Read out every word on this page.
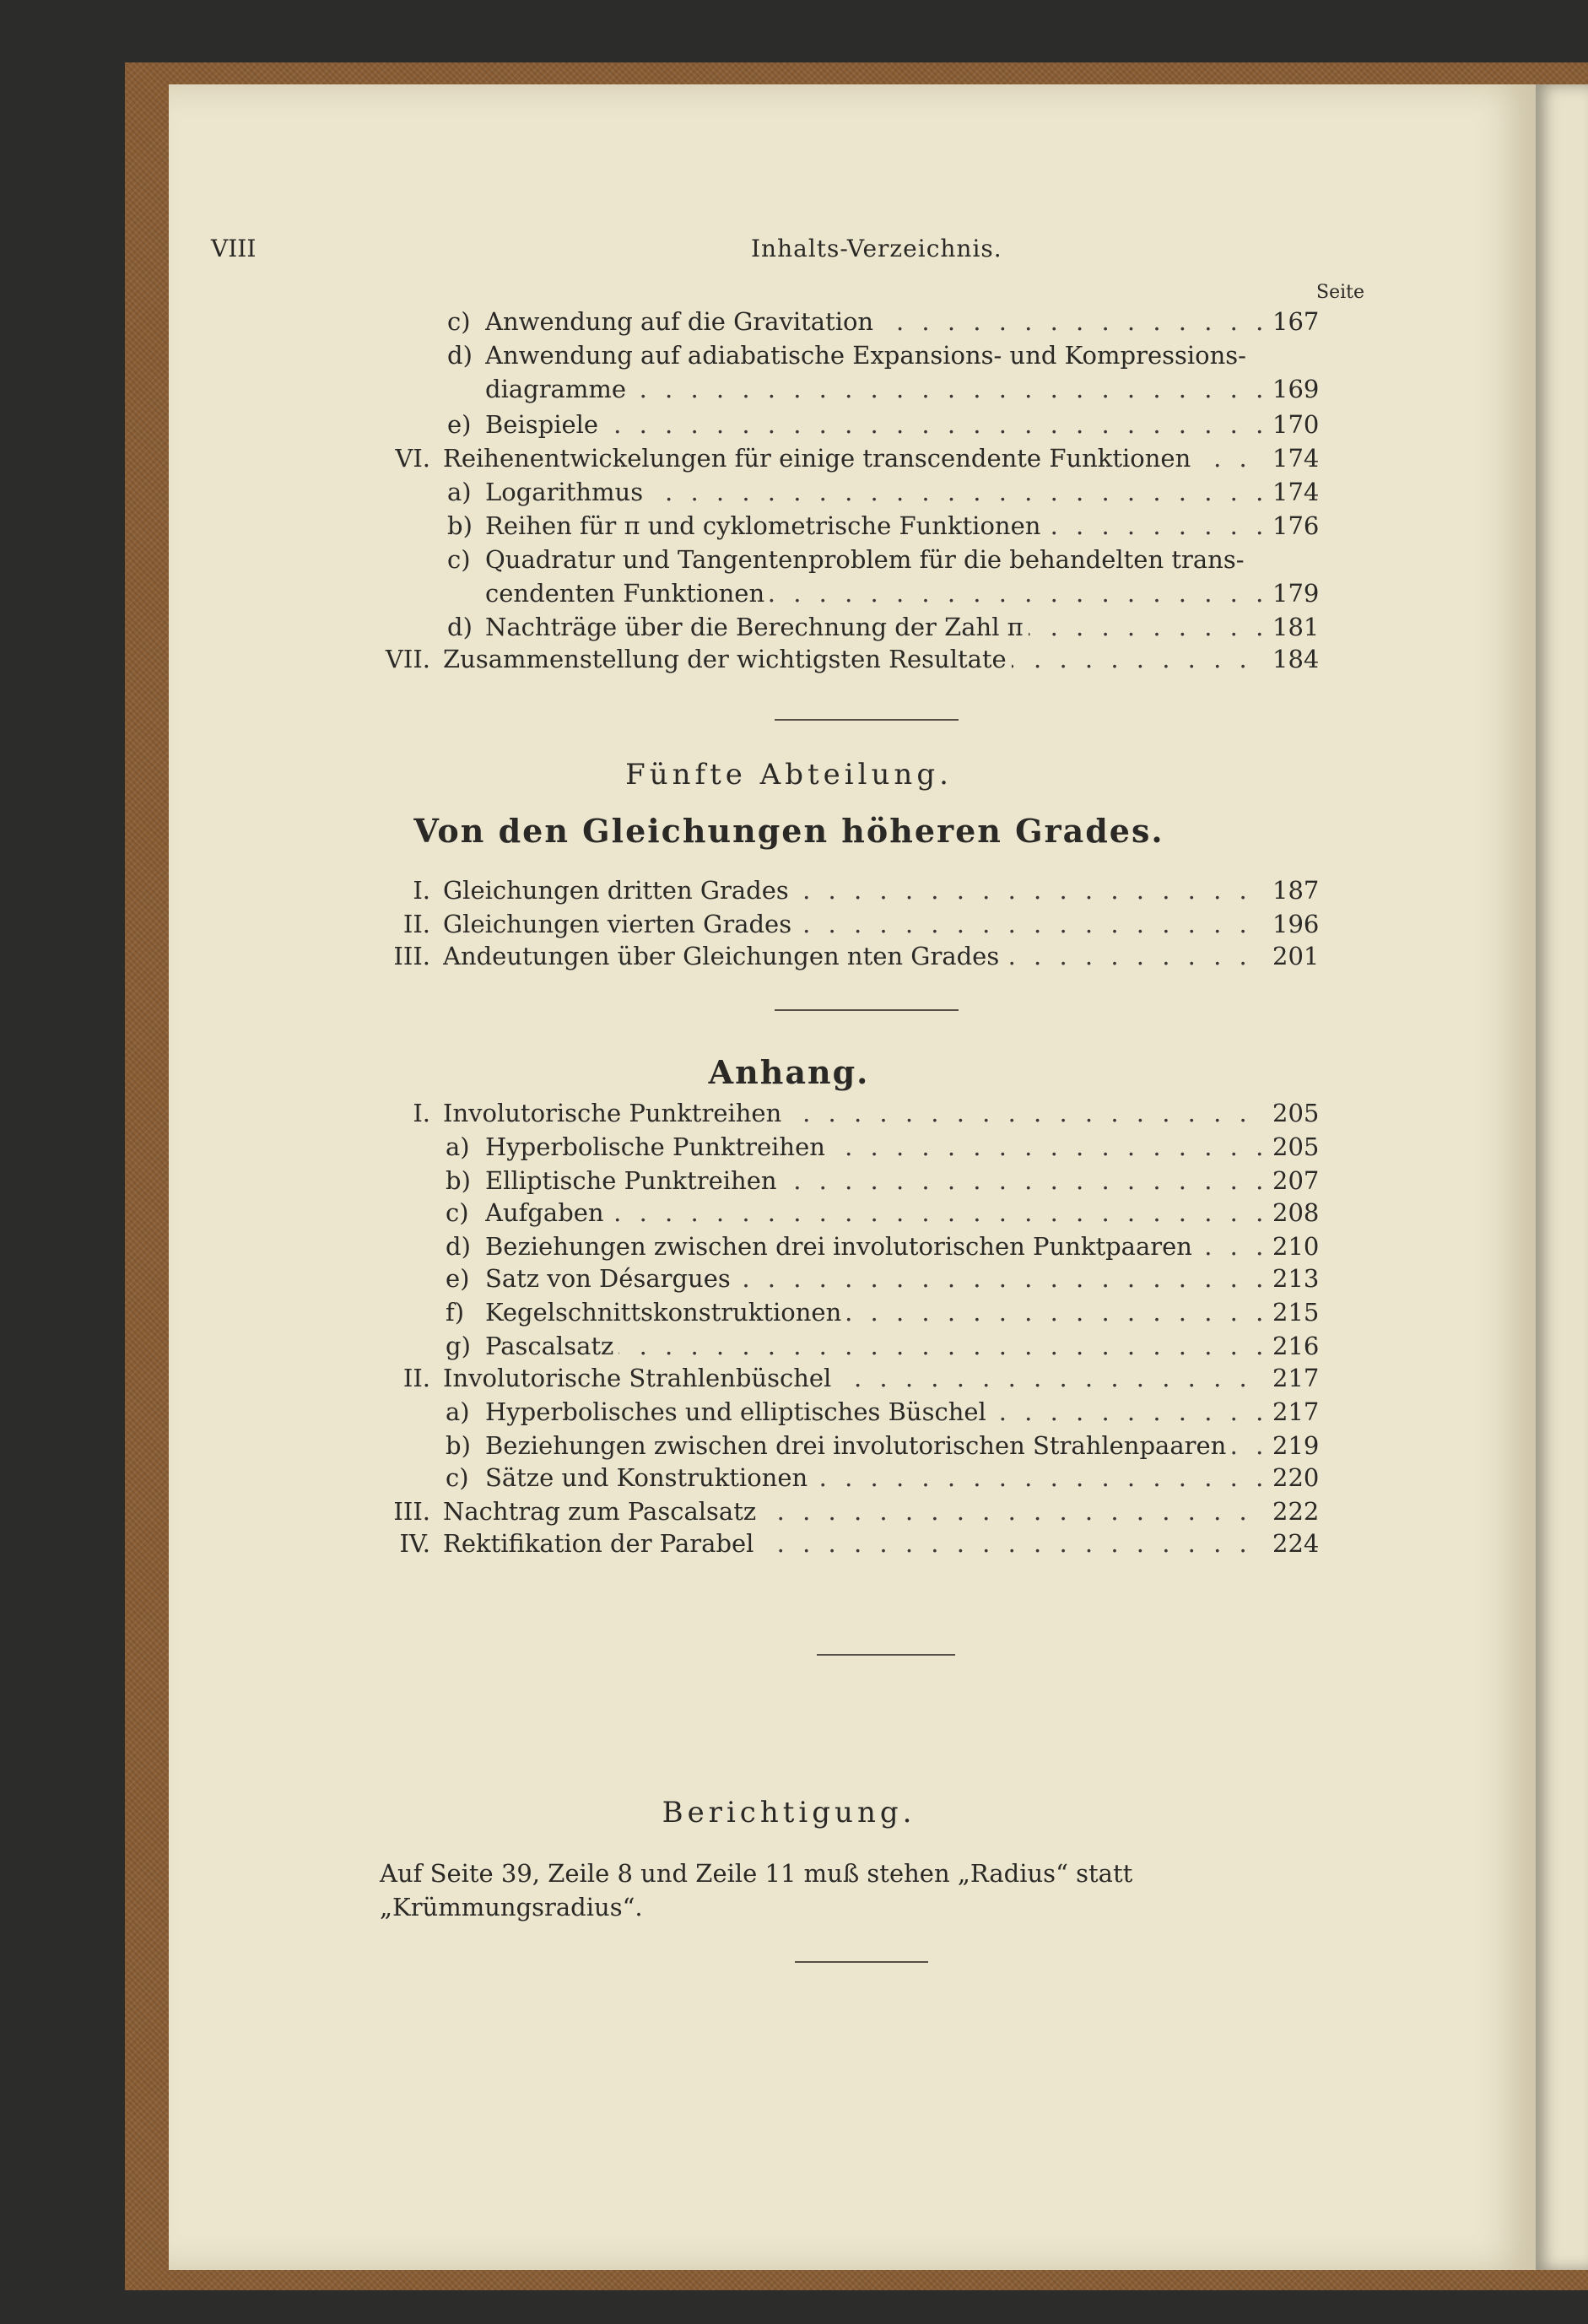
VIII	Inhalts-Verzeichnis.
Seite
c) Anwendung auf die Gravitation . . .	167
d) Anwendung auf adiabatische Expansions- und Kompressions-
diagramme . . .	169
e) Beispiele . . .	170
VI. Reihenentwickelungen für einige transcendente Funktionen . . .	174
a) Logarithmus . . .	174
b) Reihen für π und cyklometrische Funktionen . . .	176
c) Quadratur und Tangentenproblem für die behandelten trans-
cendenten Funktionen . . .	179
d) Nachträge über die Berechnung der Zahl π . . .	181
VII. Zusammenstellung der wichtigsten Resultate . . .	184
Fünfte Abteilung.
Von den Gleichungen höheren Grades.
I. Gleichungen dritten Grades . . .	187
II. Gleichungen vierten Grades . . .	196
III. Andeutungen über Gleichungen nten Grades . . .	201
Anhang.
I. Involutorische Punktreihen . . .	205
a) Hyperbolische Punktreihen . . .	205
b) Elliptische Punktreihen . . .	207
c) Aufgaben . . .	208
d) Beziehungen zwischen drei involutorischen Punktpaaren . . .	210
e) Satz von Désargues . . .	213
f) Kegelschnittskonstruktionen . . .	215
g) Pascalsatz . . .	216
II. Involutorische Strahlenbüschel . . .	217
a) Hyperbolisches und elliptisches Büschel . . .	217
b) Beziehungen zwischen drei involutorischen Strahlenpaaren . . .	219
c) Sätze und Konstruktionen . . .	220
III. Nachtrag zum Pascalsatz . . .	222
IV. Rektifikation der Parabel . . .	224
Berichtigung.
Auf Seite 39, Zeile 8 und Zeile 11 muß stehen „Radius“ statt
„Krümmungsradius“.
